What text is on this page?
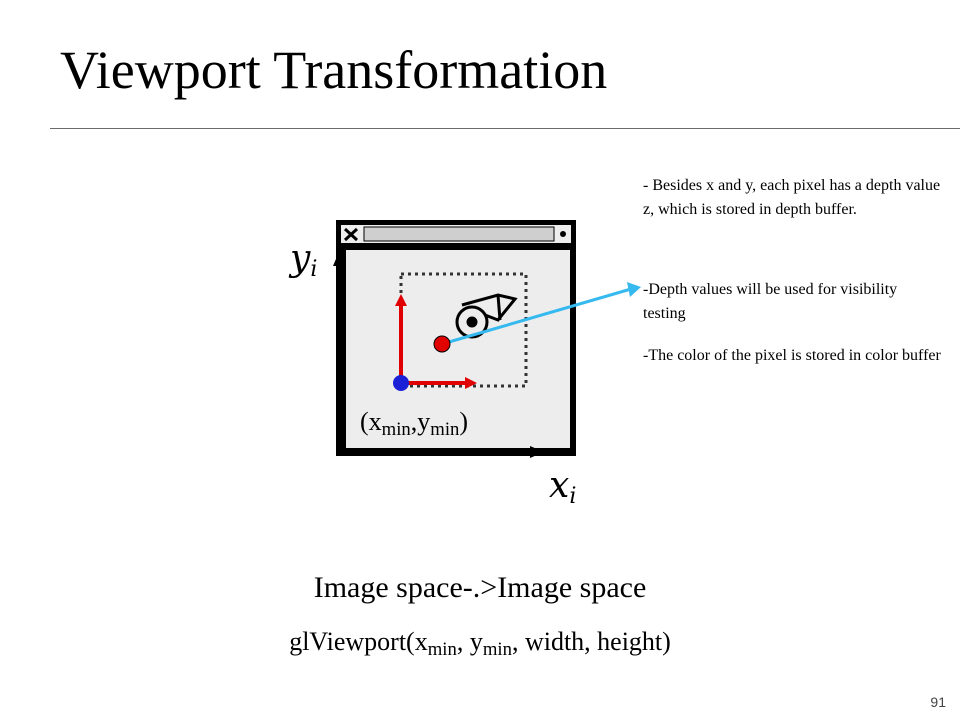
Viewport Transformation
yi
xi
$(x_{min},y_{min})$
- Besides x and y, each pixel has a depth value z, which is stored in depth buffer.
-Depth values will be used for visibility testing
-The color of the pixel is stored in color buffer
Image space-.>Image space
$glViewport(x_{min}$, $y_{min}$, width, height)
91
